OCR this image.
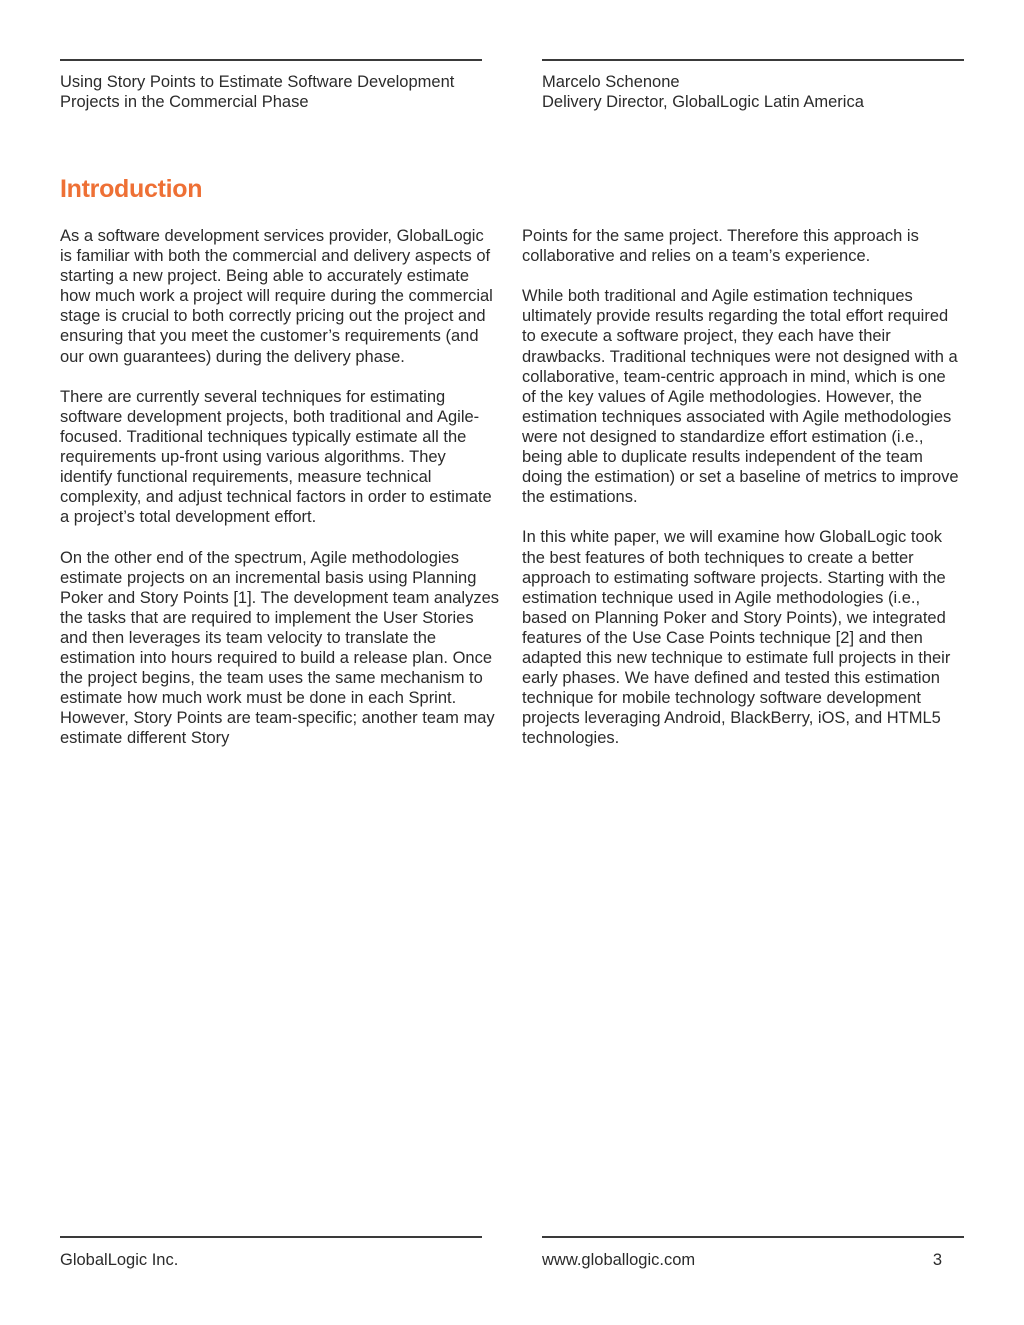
Using Story Points to Estimate Software Development
Projects in the Commercial Phase
Marcelo Schenone
Delivery Director, GlobalLogic Latin America
Introduction

As a software development services provider, GlobalLogic is familiar with both the commercial and delivery aspects of starting a new project. Being able to accurately estimate how much work a project will require during the commercial stage is crucial to both correctly pricing out the project and ensuring that you meet the customer’s requirements (and our own guarantees) during the delivery phase.

There are currently several techniques for estimating software development projects, both traditional and Agile-focused. Traditional techniques typically estimate all the requirements up-front using various algorithms. They identify functional requirements, measure technical complexity, and adjust technical factors in order to estimate a project’s total development effort.

On the other end of the spectrum, Agile methodologies estimate projects on an incremental basis using Planning Poker and Story Points [1]. The development team analyzes the tasks that are required to implement the User Stories and then leverages its team velocity to translate the estimation into hours required to build a release plan. Once the project begins, the team uses the same mechanism to estimate how much work must be done in each Sprint. However, Story Points are team-specific; another team may estimate different Story

Points for the same project. Therefore this approach is collaborative and relies on a team’s experience.

While both traditional and Agile estimation techniques ultimately provide results regarding the total effort required to execute a software project, they each have their drawbacks. Traditional techniques were not designed with a collaborative, team-centric approach in mind, which is one of the key values of Agile methodologies. However, the estimation techniques associated with Agile methodologies were not designed to standardize effort estimation (i.e., being able to duplicate results independent of the team doing the estimation) or set a baseline of metrics to improve the estimations.

In this white paper, we will examine how GlobalLogic took the best features of both techniques to create a better approach to estimating software projects. Starting with the estimation technique used in Agile methodologies (i.e., based on Planning Poker and Story Points), we integrated features of the Use Case Points technique [2] and then adapted this new technique to estimate full projects in their early phases. We have defined and tested this estimation technique for mobile technology software development projects leveraging Android, BlackBerry, iOS, and HTML5 technologies.

GlobalLogic Inc.	www.globallogic.com	3
